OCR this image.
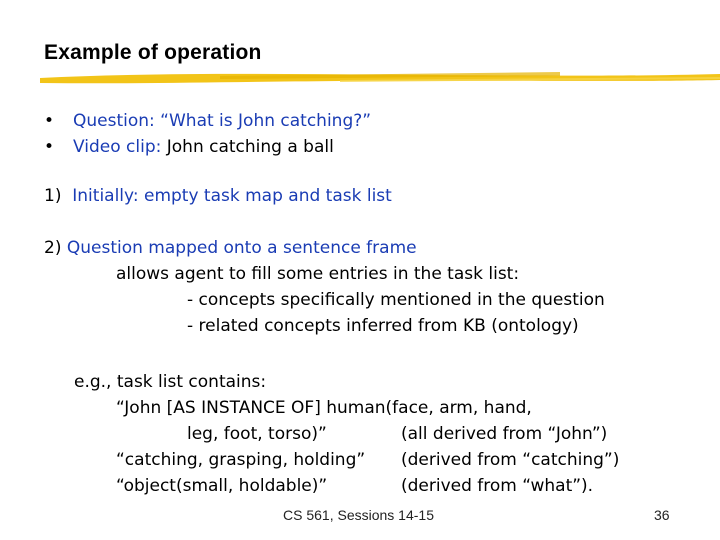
Example of operation
• Question: “What is John catching?”
• Video clip: John catching a ball
1) Initially: empty task map and task list
2) Question mapped onto a sentence frame
allows agent to fill some entries in the task list:
- concepts specifically mentioned in the question
- related concepts inferred from KB (ontology)
e.g., task list contains:
“John [AS INSTANCE OF] human(face, arm, hand,
leg, foot, torso)”	(all derived from “John”)
“catching, grasping, holding” (derived from “catching”)
“object(small, holdable)”	(derived from “what”).
CS 561, Sessions 14-15	36
